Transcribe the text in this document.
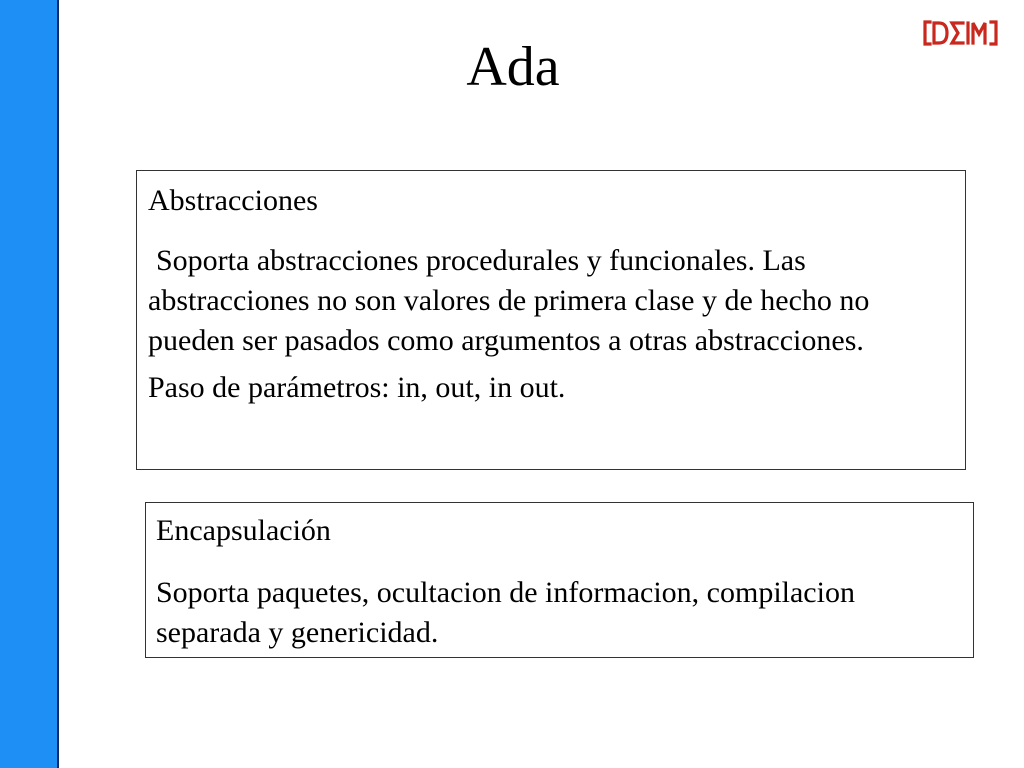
Ada

Abstracciones

Soporta abstracciones procedurales y funcionales. Las abstracciones no son valores de primera clase y de hecho no pueden ser pasados como argumentos a otras abstracciones.

Paso de parámetros: in, out, in out.

Encapsulación

Soporta paquetes, ocultacion de informacion, compilacion separada y genericidad.
